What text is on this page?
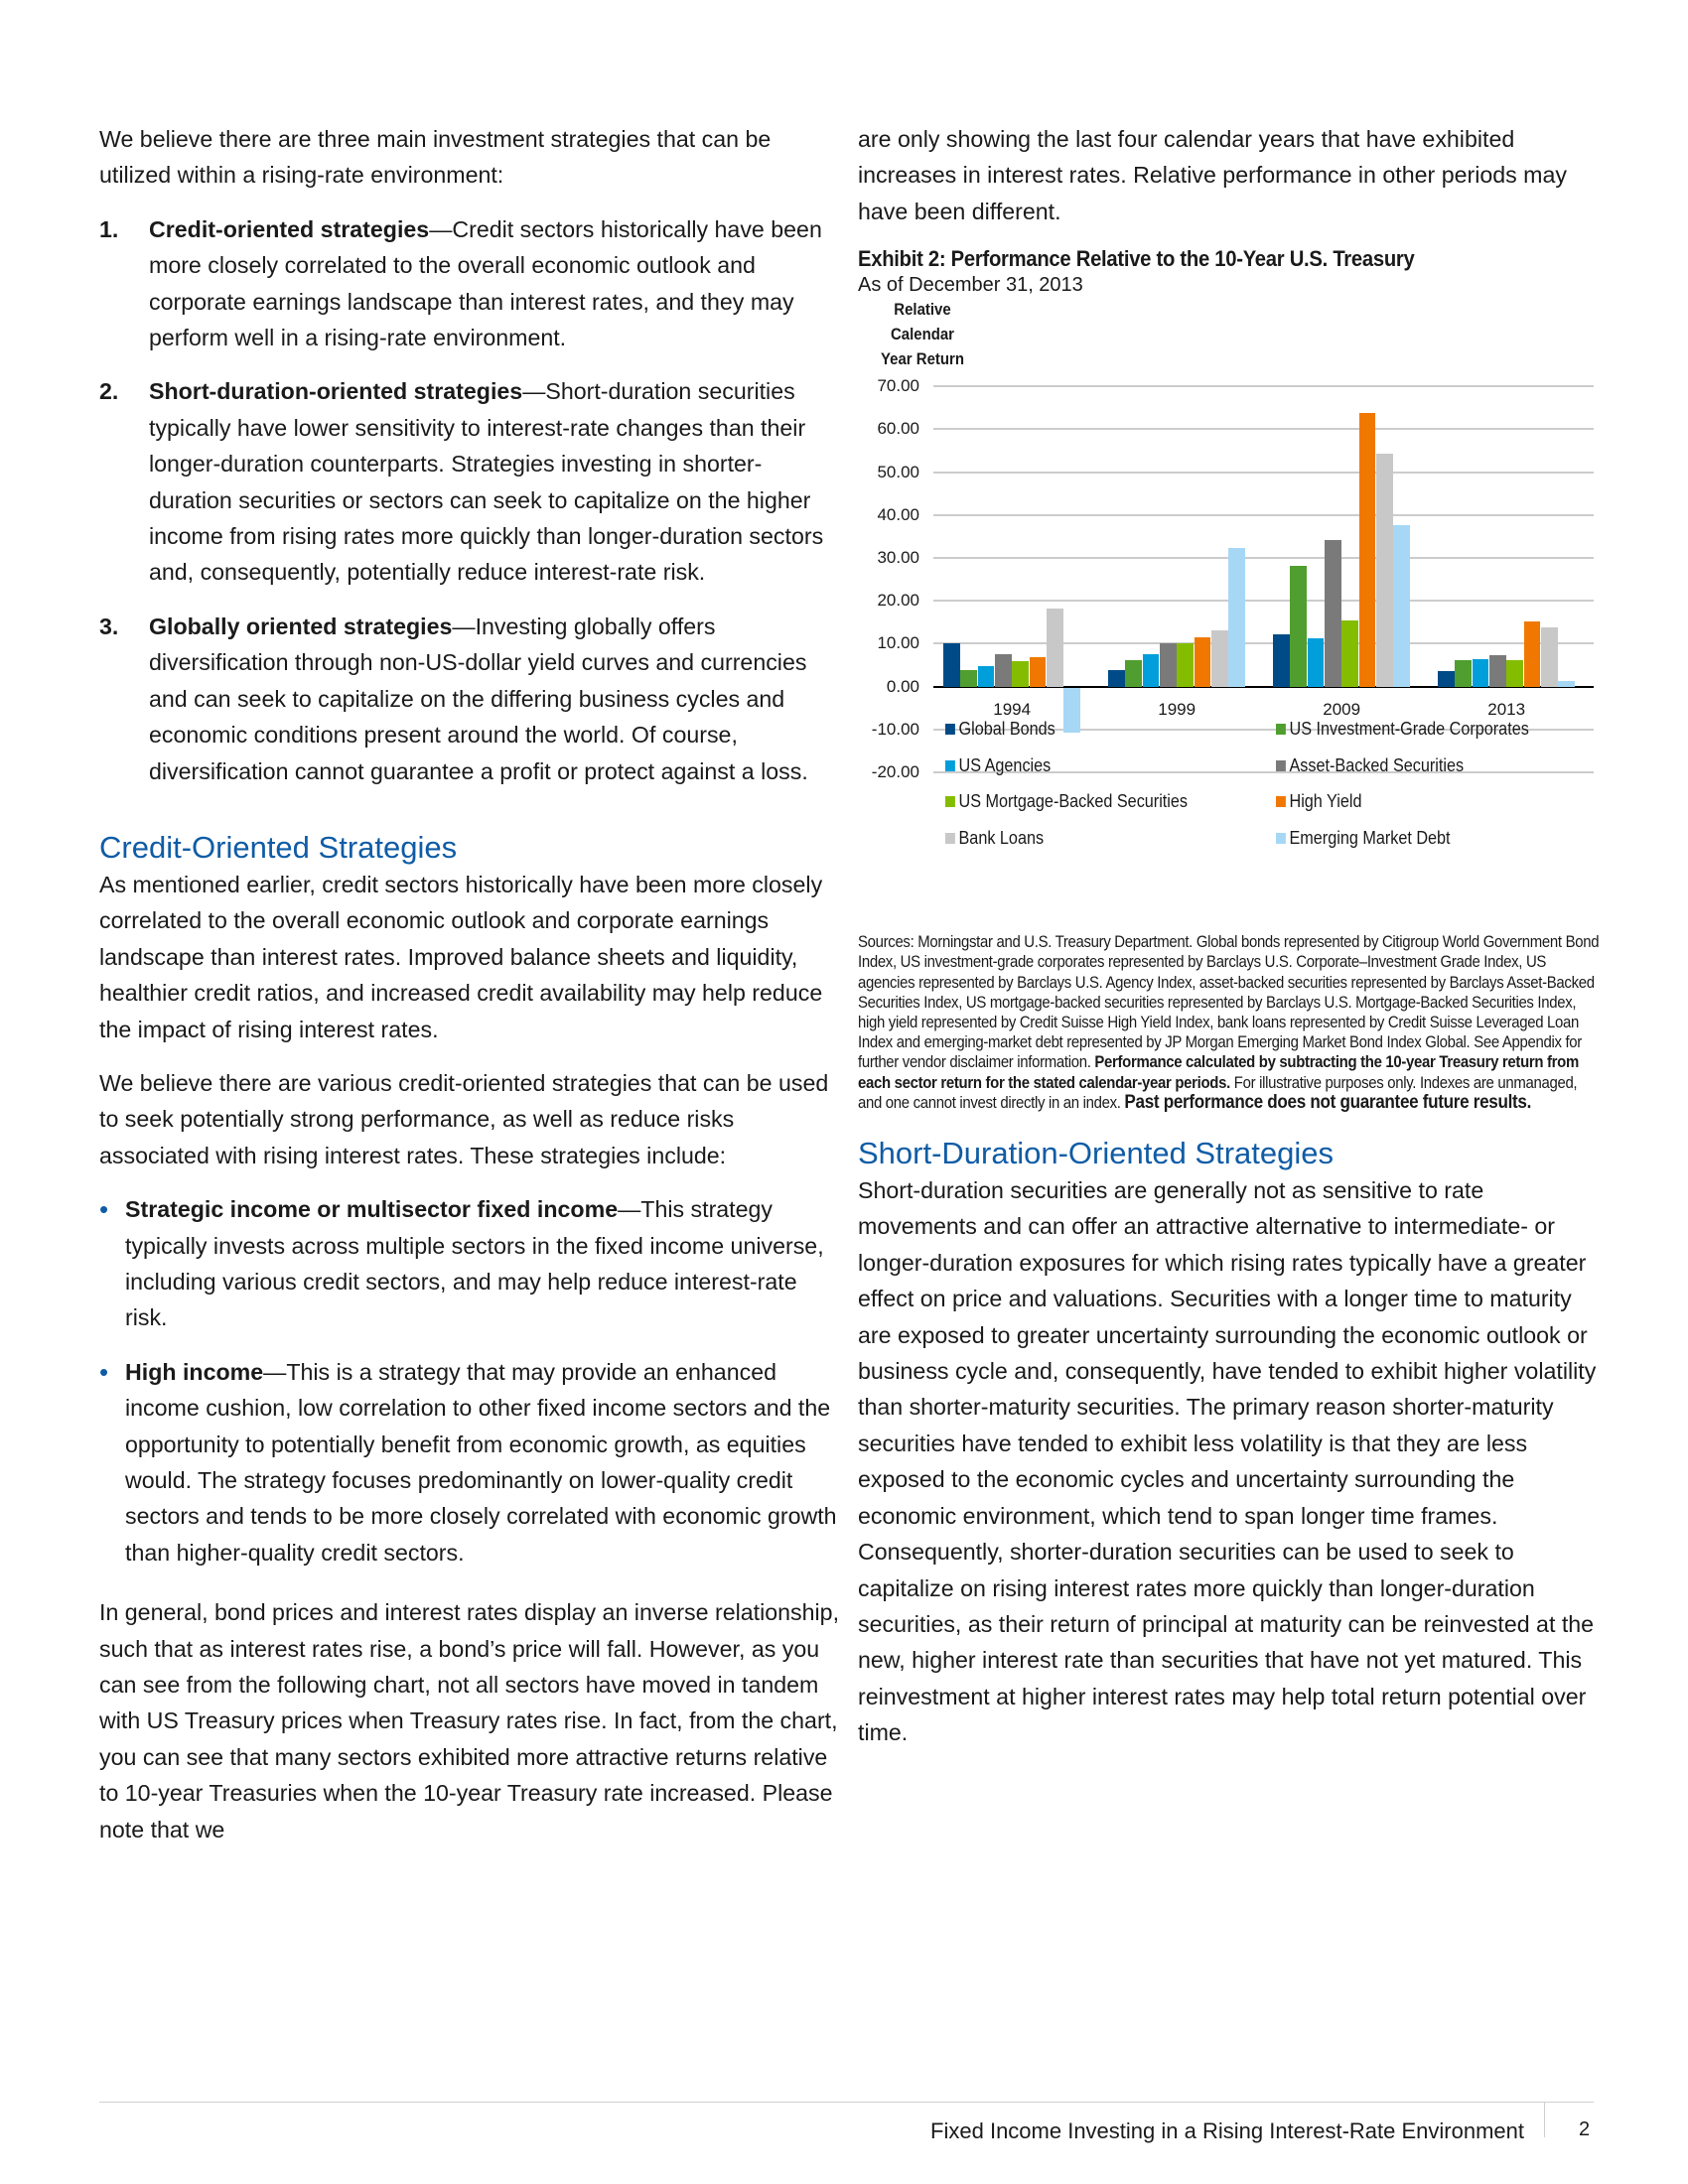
We believe there are three main investment strategies that can be utilized within a rising-rate environment:

1.	Credit-oriented strategies—Credit sectors historically have been more closely correlated to the overall economic outlook and corporate earnings landscape than interest rates, and they may perform well in a rising-rate environment.
2.	Short-duration-oriented strategies—Short-duration securities typically have lower sensitivity to interest-rate changes than their longer-duration counterparts. Strategies investing in shorter-duration securities or sectors can seek to capitalize on the higher income from rising rates more quickly than longer-duration sectors and, consequently, potentially reduce interest-rate risk.
3.	Globally oriented strategies—Investing globally offers diversification through non-US-dollar yield curves and currencies and can seek to capitalize on the differing business cycles and economic conditions present around the world. Of course, diversification cannot guarantee a profit or protect against a loss.
Credit-Oriented Strategies

As mentioned earlier, credit sectors historically have been more closely correlated to the overall economic outlook and corporate earnings landscape than interest rates. Improved balance sheets and liquidity, healthier credit ratios, and increased credit availability may help reduce the impact of rising interest rates.

We believe there are various credit-oriented strategies that can be used to seek potentially strong performance, as well as reduce risks associated with rising interest rates. These strategies include:

• Strategic income or multisector fixed income—This strategy typically invests across multiple sectors in the fixed income universe, including various credit sectors, and may help reduce interest-rate risk.
• High income—This is a strategy that may provide an enhanced income cushion, low correlation to other fixed income sectors and the opportunity to potentially benefit from economic growth, as equities would. The strategy focuses predominantly on lower-quality credit sectors and tends to be more closely correlated with economic growth than higher-quality credit sectors.

In general, bond prices and interest rates display an inverse relationship, such that as interest rates rise, a bond’s price will fall. However, as you can see from the following chart, not all sectors have moved in tandem with US Treasury prices when Treasury rates rise. In fact, from the chart, you can see that many sectors exhibited more attractive returns relative to 10-year Treasuries when the 10-year Treasury rate increased. Please note that we

are only showing the last four calendar years that have exhibited increases in interest rates. Relative performance in other periods may have been different.

Exhibit 2: Performance Relative to the 10-Year U.S. Treasury
As of December 31, 2013
Relative Calendar Year Return
70.00
60.00
50.00
40.00
30.00
20.00
10.00
0.00
-10.00
-20.00
1994	1999	2009	2013
Global Bonds	US Investment-Grade Corporates
US Agencies	Asset-Backed Securities
US Mortgage-Backed Securities	High Yield
Bank Loans	Emerging Market Debt
Sources: Morningstar and U.S. Treasury Department. Global bonds represented by Citigroup World Government Bond Index, US investment-grade corporates represented by Barclays U.S. Corporate–Investment Grade Index, US agencies represented by Barclays U.S. Agency Index, asset-backed securities represented by Barclays Asset-Backed Securities Index, US mortgage-backed securities represented by Barclays U.S. Mortgage-Backed Securities Index, high yield represented by Credit Suisse High Yield Index, bank loans represented by Credit Suisse Leveraged Loan Index and emerging-market debt represented by JP Morgan Emerging Market Bond Index Global. See Appendix for further vendor disclaimer information. Performance calculated by subtracting the 10-year Treasury return from each sector return for the stated calendar-year periods. For illustrative purposes only. Indexes are unmanaged, and one cannot invest directly in an index. Past performance does not guarantee future results.
Short-Duration-Oriented Strategies

Short-duration securities are generally not as sensitive to rate movements and can offer an attractive alternative to intermediate- or longer-duration exposures for which rising rates typically have a greater effect on price and valuations. Securities with a longer time to maturity are exposed to greater uncertainty surrounding the economic outlook or business cycle and, consequently, have tended to exhibit higher volatility than shorter-maturity securities. The primary reason shorter-maturity securities have tended to exhibit less volatility is that they are less exposed to the economic cycles and uncertainty surrounding the economic environment, which tend to span longer time frames. Consequently, shorter-duration securities can be used to seek to capitalize on rising interest rates more quickly than longer-duration securities, as their return of principal at maturity can be reinvested at the new, higher interest rate than securities that have not yet matured. This reinvestment at higher interest rates may help total return potential over time.

Fixed Income Investing in a Rising Interest-Rate Environment	2
